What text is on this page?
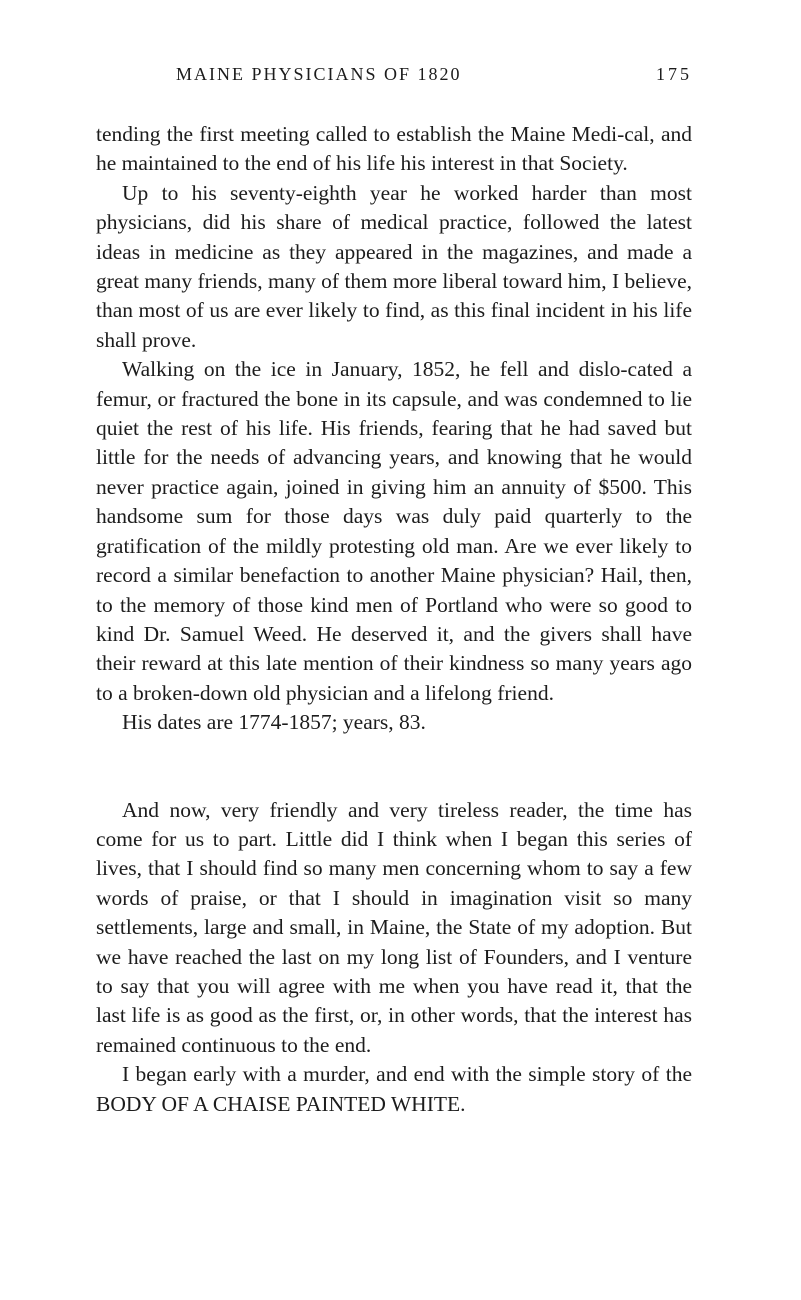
MAINE PHYSICIANS OF 1820	175

tending the first meeting called to establish the Maine Medi-cal, and he maintained to the end of his life his interest in that Society.

Up to his seventy-eighth year he worked harder than most physicians, did his share of medical practice, followed the latest ideas in medicine as they appeared in the magazines, and made a great many friends, many of them more liberal toward him, I believe, than most of us are ever likely to find, as this final incident in his life shall prove.

Walking on the ice in January, 1852, he fell and dislo-cated a femur, or fractured the bone in its capsule, and was condemned to lie quiet the rest of his life. His friends, fearing that he had saved but little for the needs of advancing years, and knowing that he would never practice again, joined in giving him an annuity of $500. This handsome sum for those days was duly paid quarterly to the gratification of the mildly protesting old man. Are we ever likely to record a similar benefaction to another Maine physician? Hail, then, to the memory of those kind men of Portland who were so good to kind Dr. Samuel Weed. He deserved it, and the givers shall have their reward at this late mention of their kindness so many years ago to a broken-down old physician and a lifelong friend.

His dates are 1774-1857; years, 83.

And now, very friendly and very tireless reader, the time has come for us to part. Little did I think when I began this series of lives, that I should find so many men concerning whom to say a few words of praise, or that I should in imagination visit so many settlements, large and small, in Maine, the State of my adoption. But we have reached the last on my long list of Founders, and I venture to say that you will agree with me when you have read it, that the last life is as good as the first, or, in other words, that the interest has remained continuous to the end.

I began early with a murder, and end with the simple story of the BODY OF A CHAISE PAINTED WHITE.
